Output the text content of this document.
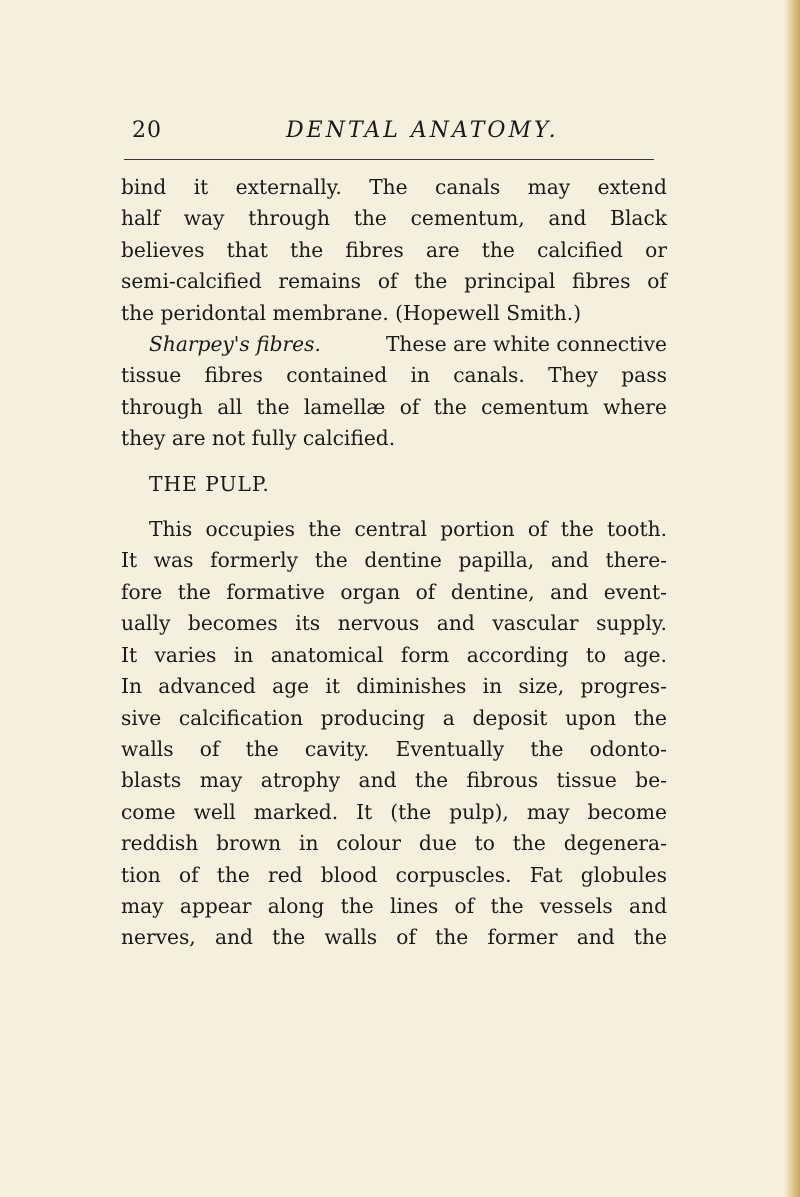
20	DENTAL ANATOMY.
bind it externally. The canals may extend
half way through the cementum, and Black
believes that the fibres are the calcified or
semi-calcified remains of the principal fibres of
the peridontal membrane. (Hopewell Smith.)
Sharpey's fibres.	These are white connective
tissue fibres contained in canals. They pass
through all the lamellæ of the cementum where
they are not fully calcified.
THE PULP.
This occupies the central portion of the tooth.
It was formerly the dentine papilla, and there-
fore the formative organ of dentine, and event-
ually becomes its nervous and vascular supply.
It varies in anatomical form according to age.
In advanced age it diminishes in size, progres-
sive calcification producing a deposit upon the
walls of the cavity. Eventually the odonto-
blasts may atrophy and the fibrous tissue be-
come well marked. It (the pulp), may become
reddish brown in colour due to the degenera-
tion of the red blood corpuscles. Fat globules
may appear along the lines of the vessels and
nerves, and the walls of the former and the
